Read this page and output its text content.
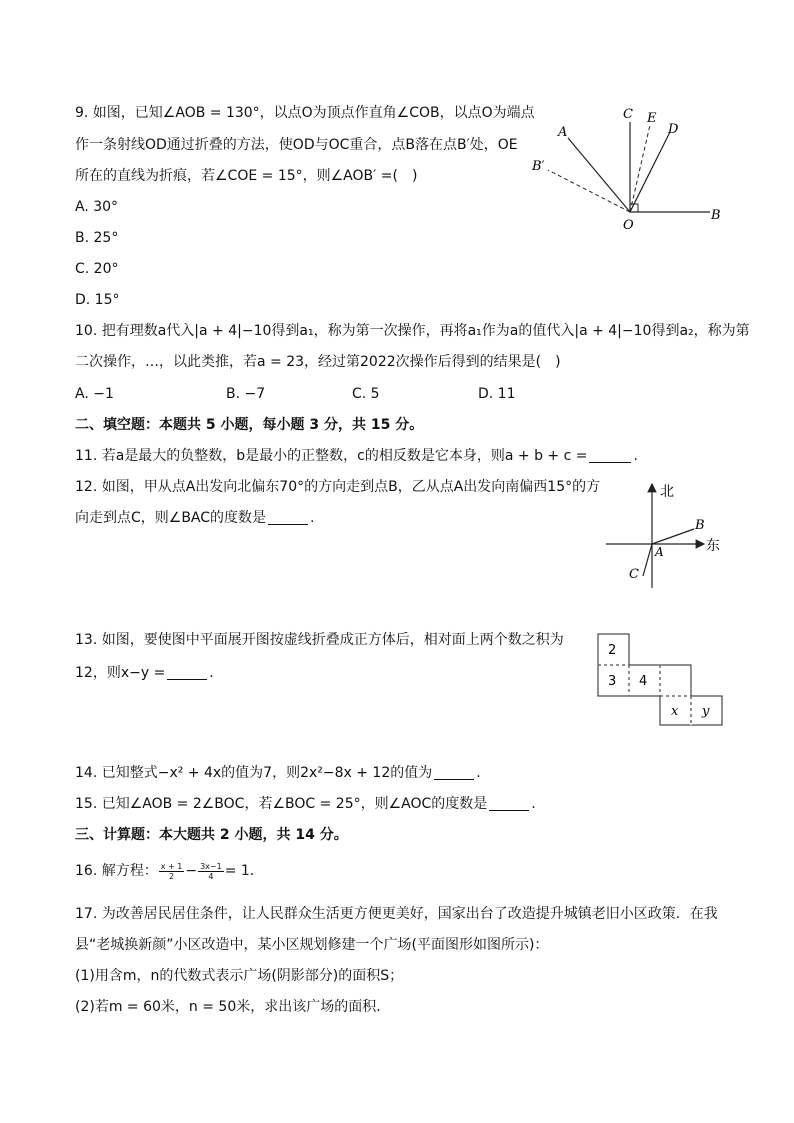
9. 如图，已知∠AOB = 130°，以点O为顶点作直角∠COB，以点O为端点
作一条射线OD通过折叠的方法，使OD与OC重合，点B落在点B′处，OE
所在的直线为折痕，若∠COE = 15°，则∠AOB′ =(　)
A. 30°
B. 25°
C. 20°
D. 15°
C E
D
A
B′
O
B
10. 把有理数a代入|a + 4|−10得到a₁，称为第一次操作，再将a₁作为a的值代入|a + 4|−10得到a₂，称为第
二次操作，…，以此类推，若a = 23，经过第2022次操作后得到的结果是(　)
A. −1	B. −7	C. 5	D. 11
二、填空题：本题共 5 小题，每小题 3 分，共 15 分。
11. 若a是最大的负整数，b是最小的正整数，c的相反数是它本身，则a + b + c =	.
12. 如图，甲从点A出发向北偏东70°的方向走到点B，乙从点A出发向南偏西15°的方
向走到点C，则∠BAC的度数是	.
北
东
A
B
C
13. 如图，要使图中平面展开图按虚线折叠成正方体后，相对面上两个数之积为
12，则x−y =	.
2
3 4
x y
14. 已知整式−x² + 4x的值为7，则2x²−8x + 12的值为	.
15. 已知∠AOB = 2∠BOC，若∠BOC = 25°，则∠AOC的度数是	.
三、计算题：本大题共 2 小题，共 14 分。
16. 解方程： $\frac{x + 1}{2} - \frac{3x-1}{4} = 1$.
17. 为改善居民居住条件，让人民群众生活更方便更美好，国家出台了改造提升城镇老旧小区政策．在我
县“老城换新颜”小区改造中，某小区规划修建一个广场(平面图形如图所示)：
(1)用含m，n的代数式表示广场(阴影部分)的面积S；
(2)若m = 60米，n = 50米，求出该广场的面积．
